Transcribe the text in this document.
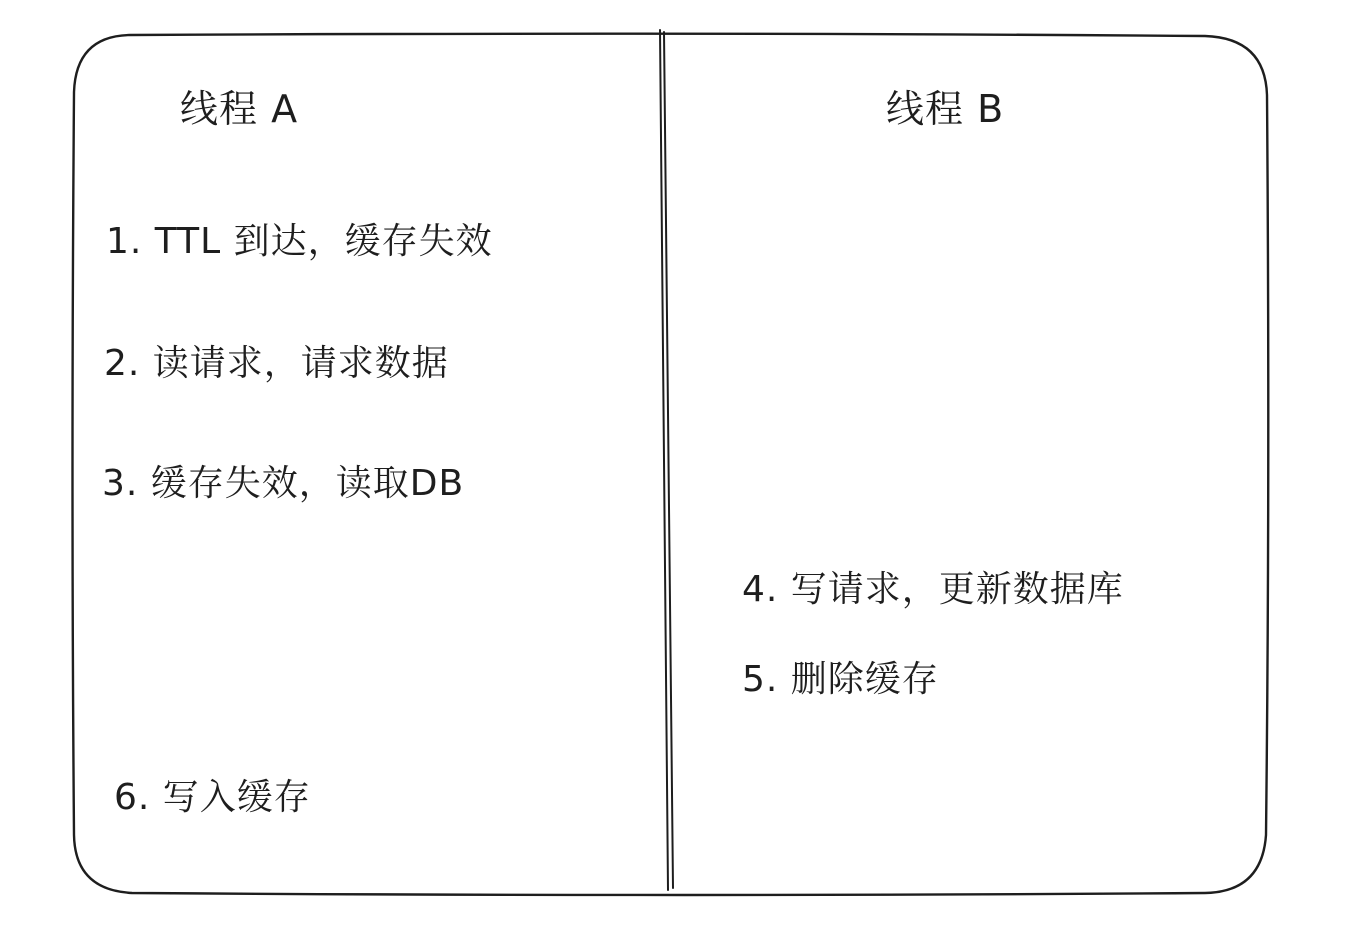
线程 A
1. TTL 到达，缓存失效
2. 读请求，请求数据
3. 缓存失效，读取DB
6. 写入缓存
线程 B
4. 写请求，更新数据库
5. 删除缓存
